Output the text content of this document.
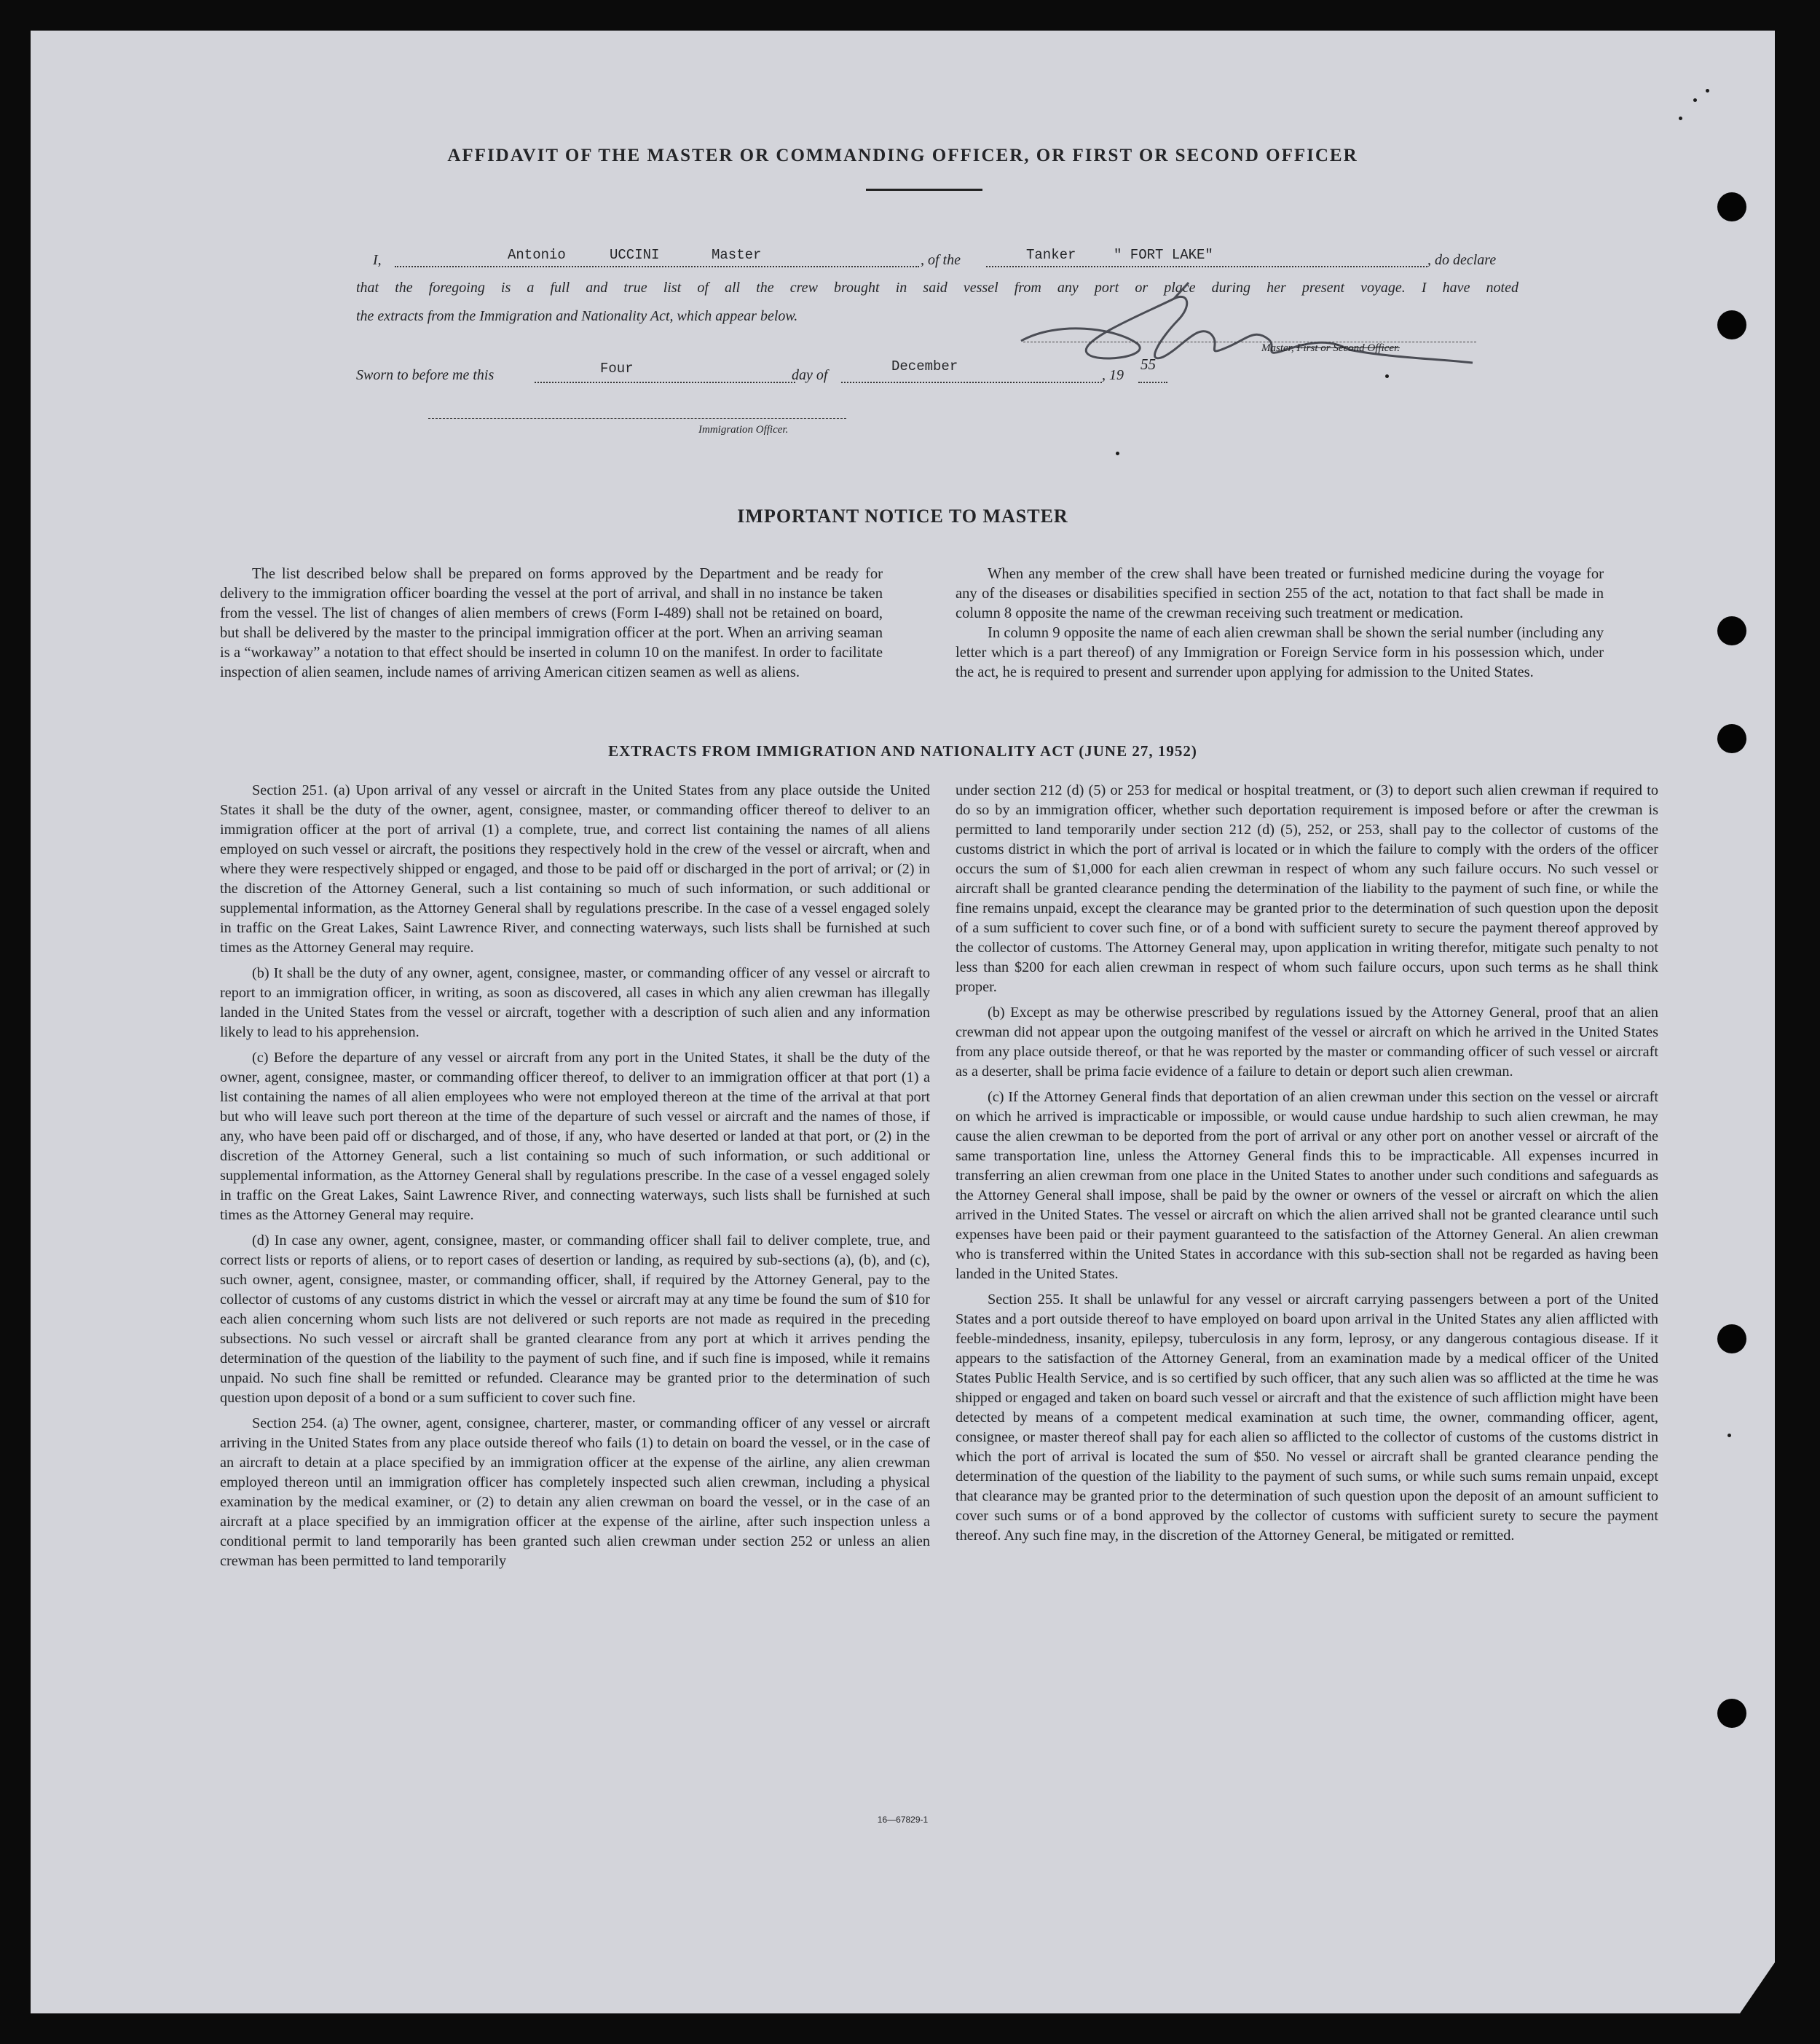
AFFIDAVIT OF THE MASTER OR COMMANDING OFFICER, OR FIRST OR SECOND OFFICER
I,	Antonio	UCCINI	Master	, of the	Tanker	" FORT LAKE"	, do declare
that the foregoing is a full and true list of all the crew brought in said vessel from any port or place during her present voyage. I have noted
the extracts from the Immigration and Nationality Act, which appear below.
Master, First or Second Officer.
Sworn to before me this	Four	day of
December
, 19
55
Immigration Officer.
IMPORTANT NOTICE TO MASTER

The list described below shall be prepared on forms approved by the Department and be ready for delivery to the immigration officer boarding the vessel at the port of arrival, and shall in no instance be taken from the vessel. The list of changes of alien members of crews (Form I-489) shall not be retained on board, but shall be delivered by the master to the principal immigration officer at the port. When an arriving seaman is a “workaway” a notation to that effect should be inserted in column 10 on the manifest. In order to facilitate inspection of alien seamen, include names of arriving American citizen seamen as well as aliens.

When any member of the crew shall have been treated or furnished medicine during the voyage for any of the diseases or disabilities specified in section 255 of the act, notation to that fact shall be made in column 8 opposite the name of the crewman receiving such treatment or medication.

In column 9 opposite the name of each alien crewman shall be shown the serial number (including any letter which is a part thereof) of any Immigration or Foreign Service form in his possession which, under the act, he is required to present and surrender upon applying for admission to the United States.

EXTRACTS FROM IMMIGRATION AND NATIONALITY ACT (JUNE 27, 1952)

Section 251. (a) Upon arrival of any vessel or aircraft in the United States from any place outside the United States it shall be the duty of the owner, agent, consignee, master, or commanding officer thereof to deliver to an immigration officer at the port of arrival (1) a complete, true, and correct list containing the names of all aliens employed on such vessel or aircraft, the positions they respectively hold in the crew of the vessel or aircraft, when and where they were respectively shipped or engaged, and those to be paid off or discharged in the port of arrival; or (2) in the discretion of the Attorney General, such a list containing so much of such information, or such additional or supplemental information, as the Attorney General shall by regulations prescribe. In the case of a vessel engaged solely in traffic on the Great Lakes, Saint Lawrence River, and connecting waterways, such lists shall be furnished at such times as the Attorney General may require.

(b) It shall be the duty of any owner, agent, consignee, master, or commanding officer of any vessel or aircraft to report to an immigration officer, in writing, as soon as discovered, all cases in which any alien crewman has illegally landed in the United States from the vessel or aircraft, together with a description of such alien and any information likely to lead to his apprehension.

(c) Before the departure of any vessel or aircraft from any port in the United States, it shall be the duty of the owner, agent, consignee, master, or commanding officer thereof, to deliver to an immigration officer at that port (1) a list containing the names of all alien employees who were not employed thereon at the time of the arrival at that port but who will leave such port thereon at the time of the departure of such vessel or aircraft and the names of those, if any, who have been paid off or discharged, and of those, if any, who have deserted or landed at that port, or (2) in the discretion of the Attorney General, such a list containing so much of such information, or such additional or supplemental information, as the Attorney General shall by regulations prescribe. In the case of a vessel engaged solely in traffic on the Great Lakes, Saint Lawrence River, and connecting waterways, such lists shall be furnished at such times as the Attorney General may require.

(d) In case any owner, agent, consignee, master, or commanding officer shall fail to deliver complete, true, and correct lists or reports of aliens, or to report cases of desertion or landing, as required by sub-sections (a), (b), and (c), such owner, agent, consignee, master, or commanding officer, shall, if required by the Attorney General, pay to the collector of customs of any customs district in which the vessel or aircraft may at any time be found the sum of $10 for each alien concerning whom such lists are not delivered or such reports are not made as required in the preceding subsections. No such vessel or aircraft shall be granted clearance from any port at which it arrives pending the determination of the question of the liability to the payment of such fine, and if such fine is imposed, while it remains unpaid. No such fine shall be remitted or refunded. Clearance may be granted prior to the determination of such question upon deposit of a bond or a sum sufficient to cover such fine.

Section 254. (a) The owner, agent, consignee, charterer, master, or commanding officer of any vessel or aircraft arriving in the United States from any place outside thereof who fails (1) to detain on board the vessel, or in the case of an aircraft to detain at a place specified by an immigration officer at the expense of the airline, any alien crewman employed thereon until an immigration officer has completely inspected such alien crewman, including a physical examination by the medical examiner, or (2) to detain any alien crewman on board the vessel, or in the case of an aircraft at a place specified by an immigration officer at the expense of the airline, after such inspection unless a conditional permit to land temporarily has been granted such alien crewman under section 252 or unless an alien crewman has been permitted to land temporarily

under section 212 (d) (5) or 253 for medical or hospital treatment, or (3) to deport such alien crewman if required to do so by an immigration officer, whether such deportation requirement is imposed before or after the crewman is permitted to land temporarily under section 212 (d) (5), 252, or 253, shall pay to the collector of customs of the customs district in which the port of arrival is located or in which the failure to comply with the orders of the officer occurs the sum of $1,000 for each alien crewman in respect of whom any such failure occurs. No such vessel or aircraft shall be granted clearance pending the determination of the liability to the payment of such fine, or while the fine remains unpaid, except the clearance may be granted prior to the determination of such question upon the deposit of a sum sufficient to cover such fine, or of a bond with sufficient surety to secure the payment thereof approved by the collector of customs. The Attorney General may, upon application in writing therefor, mitigate such penalty to not less than $200 for each alien crewman in respect of whom such failure occurs, upon such terms as he shall think proper.

(b) Except as may be otherwise prescribed by regulations issued by the Attorney General, proof that an alien crewman did not appear upon the outgoing manifest of the vessel or aircraft on which he arrived in the United States from any place outside thereof, or that he was reported by the master or commanding officer of such vessel or aircraft as a deserter, shall be prima facie evidence of a failure to detain or deport such alien crewman.

(c) If the Attorney General finds that deportation of an alien crewman under this section on the vessel or aircraft on which he arrived is impracticable or impossible, or would cause undue hardship to such alien crewman, he may cause the alien crewman to be deported from the port of arrival or any other port on another vessel or aircraft of the same transportation line, unless the Attorney General finds this to be impracticable. All expenses incurred in transferring an alien crewman from one place in the United States to another under such conditions and safeguards as the Attorney General shall impose, shall be paid by the owner or owners of the vessel or aircraft on which the alien arrived in the United States. The vessel or aircraft on which the alien arrived shall not be granted clearance until such expenses have been paid or their payment guaranteed to the satisfaction of the Attorney General. An alien crewman who is transferred within the United States in accordance with this sub-section shall not be regarded as having been landed in the United States.

Section 255. It shall be unlawful for any vessel or aircraft carrying passengers between a port of the United States and a port outside thereof to have employed on board upon arrival in the United States any alien afflicted with feeble-mindedness, insanity, epilepsy, tuberculosis in any form, leprosy, or any dangerous contagious disease. If it appears to the satisfaction of the Attorney General, from an examination made by a medical officer of the United States Public Health Service, and is so certified by such officer, that any such alien was so afflicted at the time he was shipped or engaged and taken on board such vessel or aircraft and that the existence of such affliction might have been detected by means of a competent medical examination at such time, the owner, commanding officer, agent, consignee, or master thereof shall pay for each alien so afflicted to the collector of customs of the customs district in which the port of arrival is located the sum of $50. No vessel or aircraft shall be granted clearance pending the determination of the question of the liability to the payment of such sums, or while such sums remain unpaid, except that clearance may be granted prior to the determination of such question upon the deposit of an amount sufficient to cover such sums or of a bond approved by the collector of customs with sufficient surety to secure the payment thereof. Any such fine may, in the discretion of the Attorney General, be mitigated or remitted.

16—67829-1
